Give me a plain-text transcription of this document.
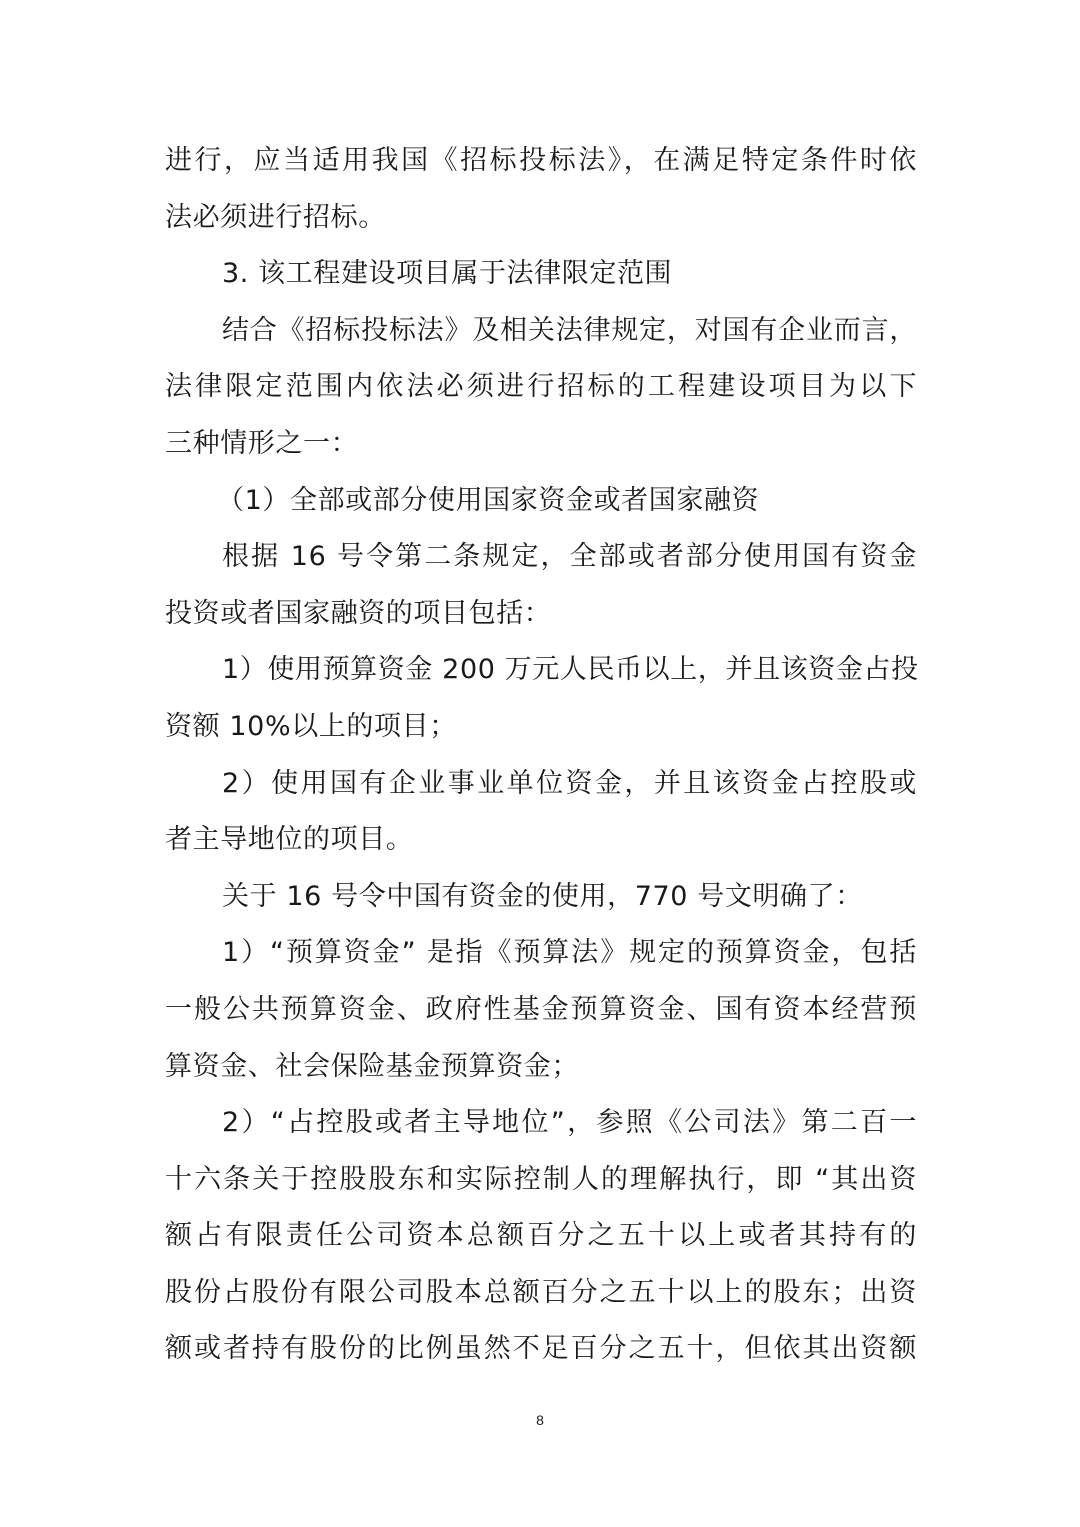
进行，应当适用我国《招标投标法》，在满足特定条件时依
法必须进行招标。
3. 该工程建设项目属于法律限定范围
结合《招标投标法》及相关法律规定，对国有企业而言，
法律限定范围内依法必须进行招标的工程建设项目为以下
三种情形之一：
（1）全部或部分使用国家资金或者国家融资
根据 16 号令第二条规定，全部或者部分使用国有资金
投资或者国家融资的项目包括：
1）使用预算资金 200 万元人民币以上，并且该资金占投
资额 10%以上的项目；
2）使用国有企业事业单位资金，并且该资金占控股或
者主导地位的项目。
关于 16 号令中国有资金的使用，770 号文明确了：
1）“预算资金” 是指《预算法》规定的预算资金，包括
一般公共预算资金、政府性基金预算资金、国有资本经营预
算资金、社会保险基金预算资金；
2）“占控股或者主导地位”，参照《公司法》第二百一
十六条关于控股股东和实际控制人的理解执行，即 “其出资
额占有限责任公司资本总额百分之五十以上或者其持有的
股份占股份有限公司股本总额百分之五十以上的股东；出资
额或者持有股份的比例虽然不足百分之五十，但依其出资额
8
